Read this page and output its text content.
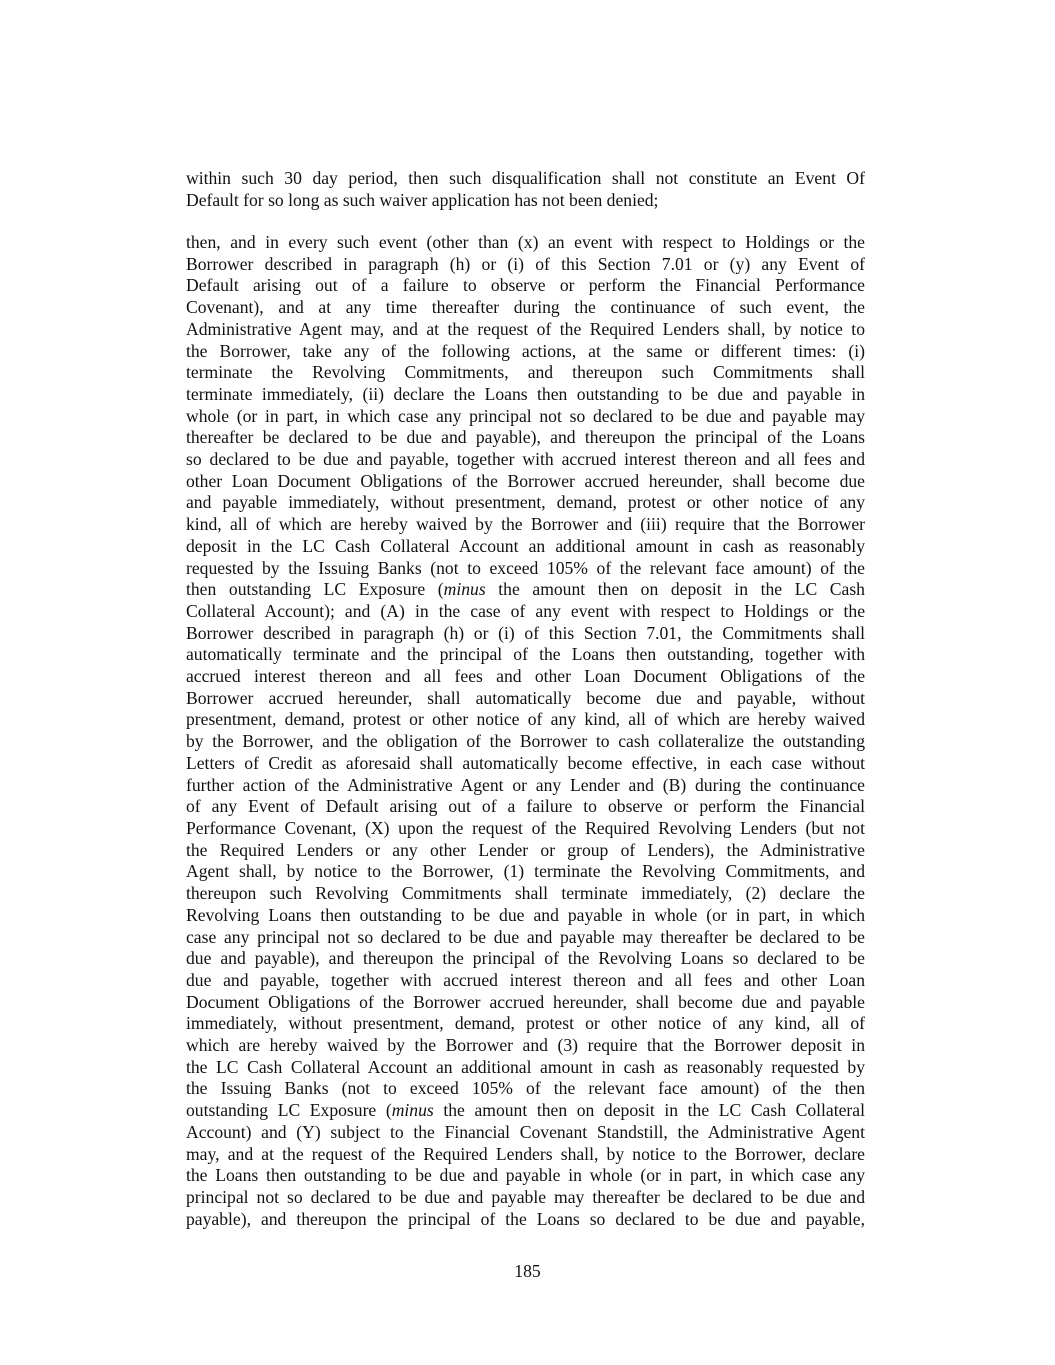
within such 30 day period, then such disqualification shall not constitute an Event Of
Default for so long as such waiver application has not been denied;
then, and in every such event (other than (x) an event with respect to Holdings or the
Borrower described in paragraph (h) or (i) of this Section 7.01 or (y) any Event of
Default arising out of a failure to observe or perform the Financial Performance
Covenant), and at any time thereafter during the continuance of such event, the
Administrative Agent may, and at the request of the Required Lenders shall, by notice to
the Borrower, take any of the following actions, at the same or different times: (i)
terminate the Revolving Commitments, and thereupon such Commitments shall
terminate immediately, (ii) declare the Loans then outstanding to be due and payable in
whole (or in part, in which case any principal not so declared to be due and payable may
thereafter be declared to be due and payable), and thereupon the principal of the Loans
so declared to be due and payable, together with accrued interest thereon and all fees and
other Loan Document Obligations of the Borrower accrued hereunder, shall become due
and payable immediately, without presentment, demand, protest or other notice of any
kind, all of which are hereby waived by the Borrower and (iii) require that the Borrower
deposit in the LC Cash Collateral Account an additional amount in cash as reasonably
requested by the Issuing Banks (not to exceed 105% of the relevant face amount) of the
then outstanding LC Exposure (minus the amount then on deposit in the LC Cash
Collateral Account); and (A) in the case of any event with respect to Holdings or the
Borrower described in paragraph (h) or (i) of this Section 7.01, the Commitments shall
automatically terminate and the principal of the Loans then outstanding, together with
accrued interest thereon and all fees and other Loan Document Obligations of the
Borrower accrued hereunder, shall automatically become due and payable, without
presentment, demand, protest or other notice of any kind, all of which are hereby waived
by the Borrower, and the obligation of the Borrower to cash collateralize the outstanding
Letters of Credit as aforesaid shall automatically become effective, in each case without
further action of the Administrative Agent or any Lender and (B) during the continuance
of any Event of Default arising out of a failure to observe or perform the Financial
Performance Covenant, (X) upon the request of the Required Revolving Lenders (but not
the Required Lenders or any other Lender or group of Lenders), the Administrative
Agent shall, by notice to the Borrower, (1) terminate the Revolving Commitments, and
thereupon such Revolving Commitments shall terminate immediately, (2) declare the
Revolving Loans then outstanding to be due and payable in whole (or in part, in which
case any principal not so declared to be due and payable may thereafter be declared to be
due and payable), and thereupon the principal of the Revolving Loans so declared to be
due and payable, together with accrued interest thereon and all fees and other Loan
Document Obligations of the Borrower accrued hereunder, shall become due and payable
immediately, without presentment, demand, protest or other notice of any kind, all of
which are hereby waived by the Borrower and (3) require that the Borrower deposit in
the LC Cash Collateral Account an additional amount in cash as reasonably requested by
the Issuing Banks (not to exceed 105% of the relevant face amount) of the then
outstanding LC Exposure (minus the amount then on deposit in the LC Cash Collateral
Account) and (Y) subject to the Financial Covenant Standstill, the Administrative Agent
may, and at the request of the Required Lenders shall, by notice to the Borrower, declare
the Loans then outstanding to be due and payable in whole (or in part, in which case any
principal not so declared to be due and payable may thereafter be declared to be due and
payable), and thereupon the principal of the Loans so declared to be due and payable,
185
